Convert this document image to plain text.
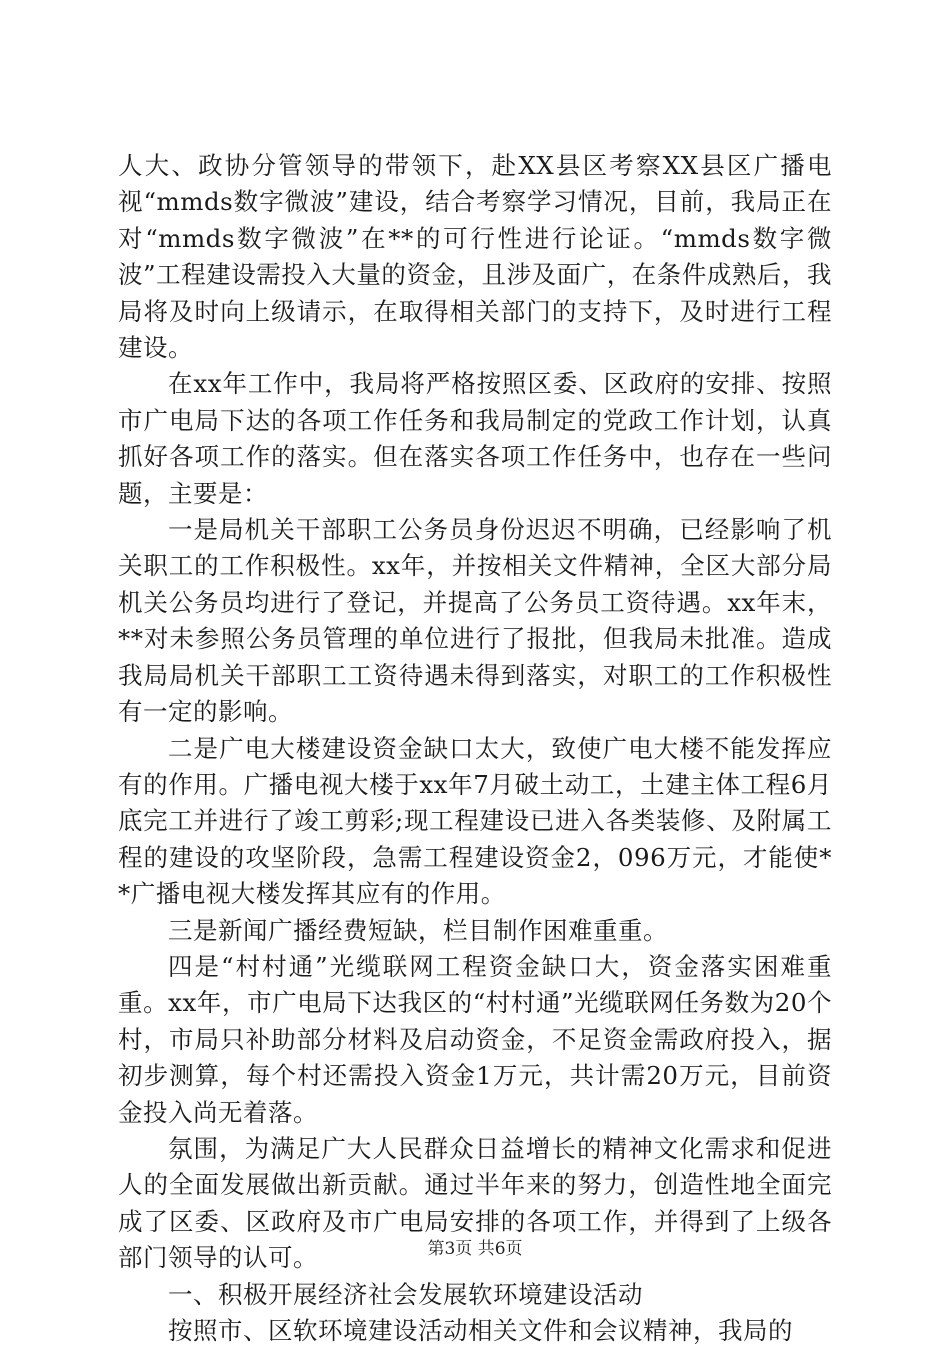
人大、政协分管领导的带领下，赴XX县区考察XX县区广播电视“mmds数字微波”建设，结合考察学习情况，目前，我局正在对“mmds数字微波”在**的可行性进行论证。“mmds数字微波”工程建设需投入大量的资金，且涉及面广，在条件成熟后，我局将及时向上级请示，在取得相关部门的支持下，及时进行工程建设。

在xx年工作中，我局将严格按照区委、区政府的安排、按照市广电局下达的各项工作任务和我局制定的党政工作计划，认真抓好各项工作的落实。但在落实各项工作任务中，也存在一些问题，主要是：

一是局机关干部职工公务员身份迟迟不明确，已经影响了机关职工的工作积极性。xx年，并按相关文件精神，全区大部分局机关公务员均进行了登记，并提高了公务员工资待遇。xx年末，**对未参照公务员管理的单位进行了报批，但我局未批准。造成我局局机关干部职工工资待遇未得到落实，对职工的工作积极性有一定的影响。

二是广电大楼建设资金缺口太大，致使广电大楼不能发挥应有的作用。广播电视大楼于xx年7月破土动工，土建主体工程6月底完工并进行了竣工剪彩;现工程建设已进入各类装修、及附属工程的建设的攻坚阶段，急需工程建设资金2，096万元，才能使**广播电视大楼发挥其应有的作用。

三是新闻广播经费短缺，栏目制作困难重重。

四是“村村通”光缆联网工程资金缺口大，资金落实困难重重。xx年，市广电局下达我区的“村村通”光缆联网任务数为20个村，市局只补助部分材料及启动资金，不足资金需政府投入，据初步测算，每个村还需投入资金1万元，共计需20万元，目前资金投入尚无着落。

氛围，为满足广大人民群众日益增长的精神文化需求和促进人的全面发展做出新贡献。通过半年来的努力，创造性地全面完成了区委、区政府及市广电局安排的各项工作，并得到了上级各部门领导的认可。

一、积极开展经济社会发展软环境建设活动

按照市、区软环境建设活动相关文件和会议精神，我局的

第3页 共6页
